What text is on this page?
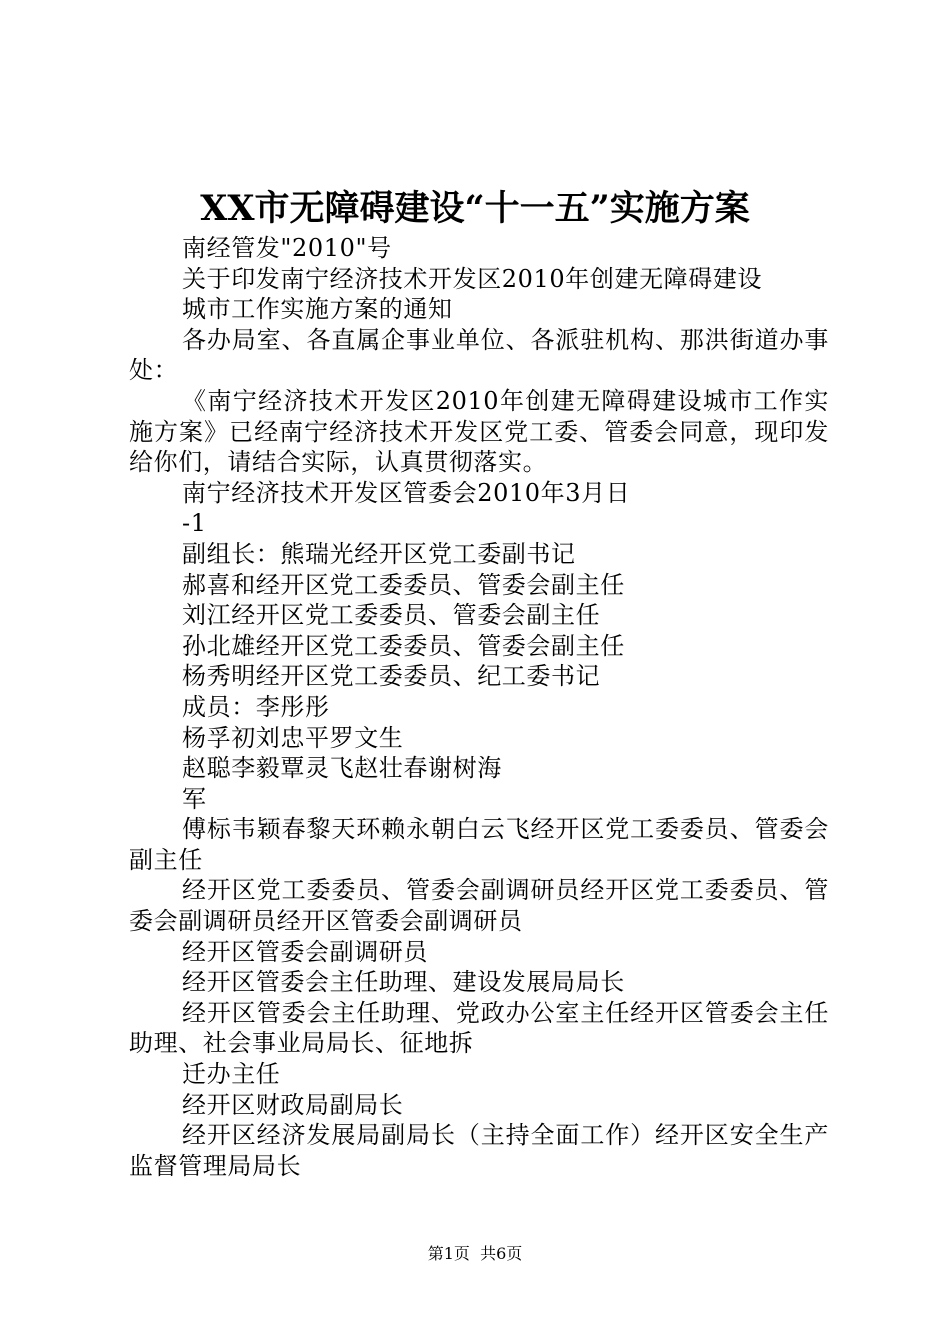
XX市无障碍建设“十一五”实施方案

南经管发"2010"号

关于印发南宁经济技术开发区2010年创建无障碍建设

城市工作实施方案的通知

各办局室、各直属企事业单位、各派驻机构、那洪街道办事处：

《南宁经济技术开发区2010年创建无障碍建设城市工作实施方案》已经南宁经济技术开发区党工委、管委会同意，现印发给你们，请结合实际，认真贯彻落实。

南宁经济技术开发区管委会2010年3月日

-1

副组长：熊瑞光经开区党工委副书记

郝喜和经开区党工委委员、管委会副主任

刘江经开区党工委委员、管委会副主任

孙北雄经开区党工委委员、管委会副主任

杨秀明经开区党工委委员、纪工委书记

成员：李彤彤

杨孚初刘忠平罗文生

赵聪李毅覃灵飞赵壮春谢树海

军

傅标韦颖春黎天环赖永朝白云飞经开区党工委委员、管委会副主任

经开区党工委委员、管委会副调研员经开区党工委委员、管委会副调研员经开区管委会副调研员

经开区管委会副调研员

经开区管委会主任助理、建设发展局局长

经开区管委会主任助理、党政办公室主任经开区管委会主任助理、社会事业局局长、征地拆

迁办主任

经开区财政局副局长

经开区经济发展局副局长（主持全面工作）经开区安全生产监督管理局局长

第1页  共6页
